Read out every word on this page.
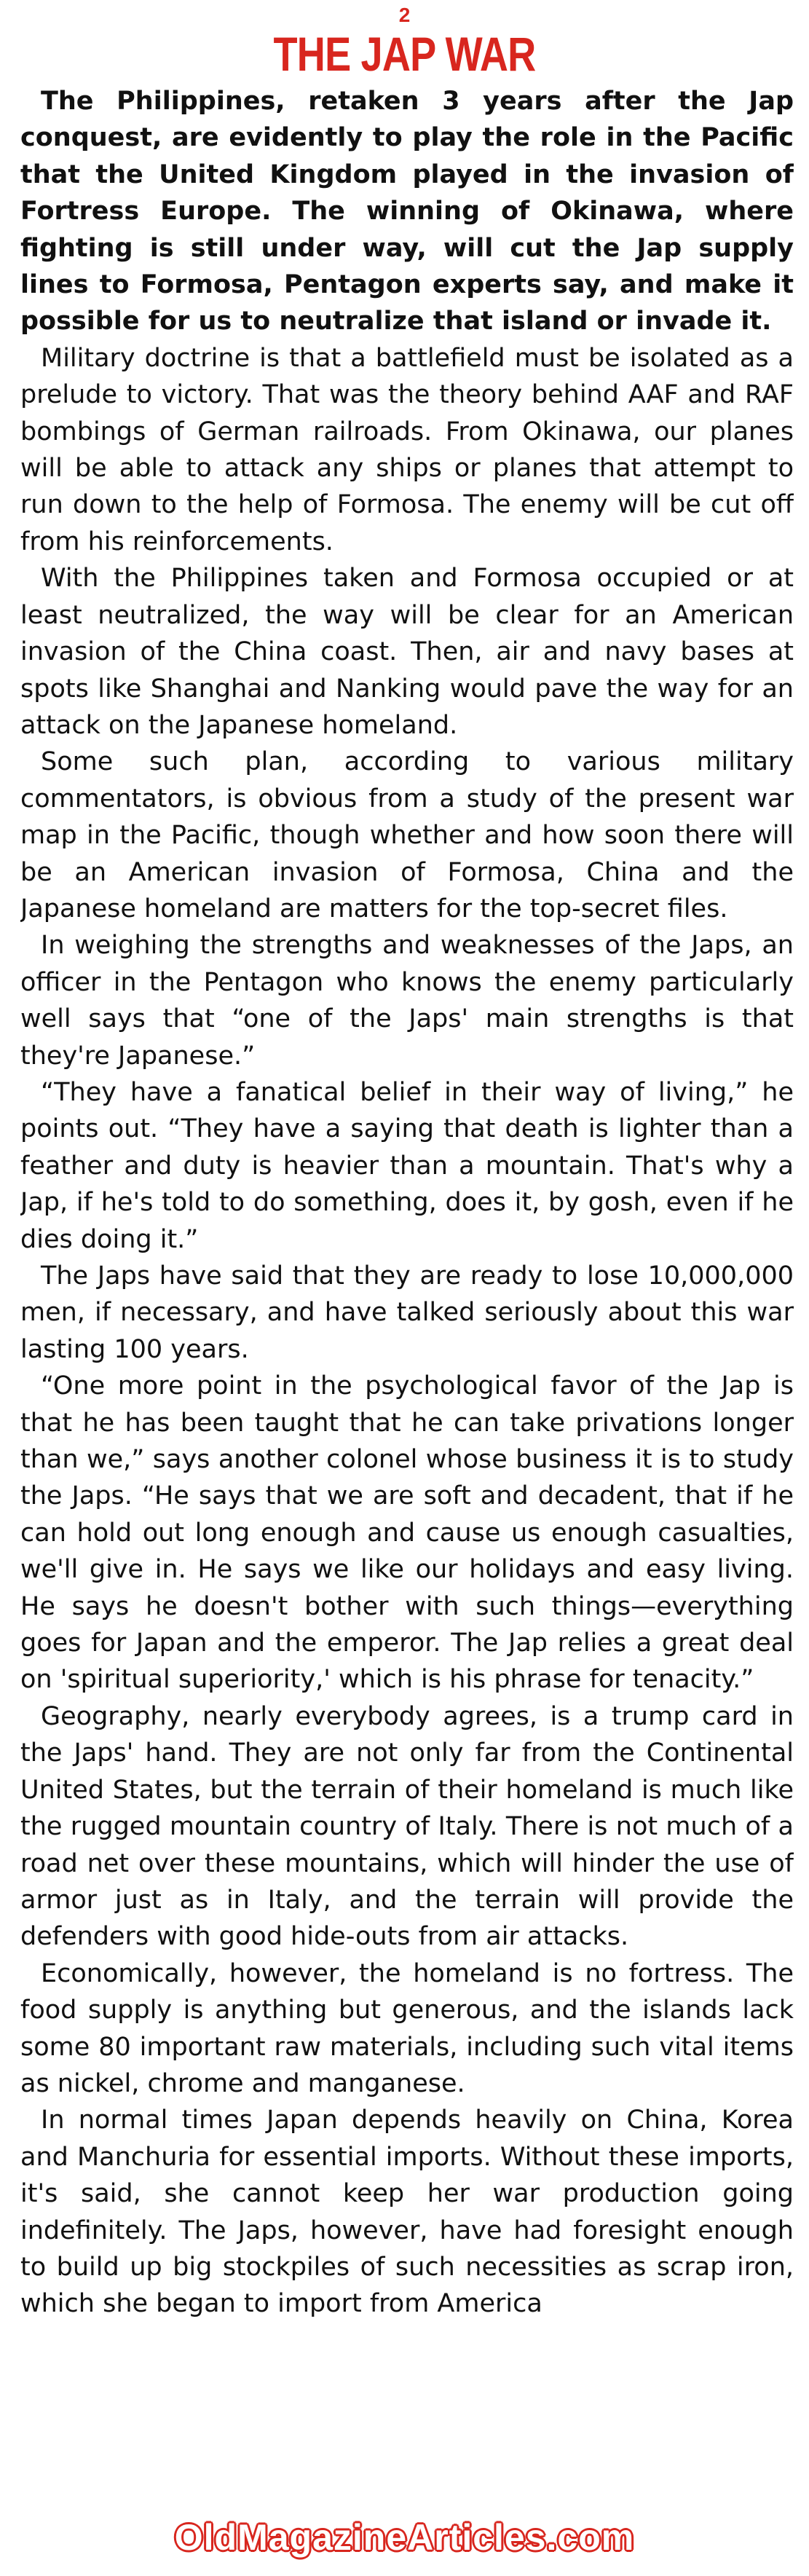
2
THE JAP WAR

The Philippines, retaken 3 years after the Jap conquest, are evidently to play the role in the Pacific that the United Kingdom played in the invasion of Fortress Europe. The winning of Okinawa, where fighting is still under way, will cut the Jap supply lines to Formosa, Pentagon experts say, and make it possible for us to neutralize that island or invade it.

Military doctrine is that a battlefield must be isolated as a prelude to victory. That was the theory behind AAF and RAF bombings of German railroads. From Okinawa, our planes will be able to attack any ships or planes that attempt to run down to the help of Formosa. The enemy will be cut off from his reinforcements.

With the Philippines taken and Formosa occupied or at least neutralized, the way will be clear for an American invasion of the China coast. Then, air and navy bases at spots like Shanghai and Nanking would pave the way for an attack on the Japanese homeland.

Some such plan, according to various military commentators, is obvious from a study of the present war map in the Pacific, though whether and how soon there will be an American invasion of Formosa, China and the Japanese homeland are matters for the top-secret files.

In weighing the strengths and weaknesses of the Japs, an officer in the Pentagon who knows the enemy particularly well says that “one of the Japs' main strengths is that they're Japanese.”

“They have a fanatical belief in their way of living,” he points out. “They have a saying that death is lighter than a feather and duty is heavier than a mountain. That's why a Jap, if he's told to do something, does it, by gosh, even if he dies doing it.”

The Japs have said that they are ready to lose 10,000,000 men, if necessary, and have talked seriously about this war lasting 100 years.

“One more point in the psychological favor of the Jap is that he has been taught that he can take privations longer than we,” says another colonel whose business it is to study the Japs. “He says that we are soft and decadent, that if he can hold out long enough and cause us enough casualties, we'll give in. He says we like our holidays and easy living. He says he doesn't bother with such things—everything goes for Japan and the emperor. The Jap relies a great deal on 'spiritual superiority,' which is his phrase for tenacity.”

Geography, nearly everybody agrees, is a trump card in the Japs' hand. They are not only far from the Continental United States, but the terrain of their homeland is much like the rugged mountain country of Italy. There is not much of a road net over these mountains, which will hinder the use of armor just as in Italy, and the terrain will provide the defenders with good hide-outs from air attacks.

Economically, however, the homeland is no fortress. The food supply is anything but generous, and the islands lack some 80 important raw materials, including such vital items as nickel, chrome and manganese.

In normal times Japan depends heavily on China, Korea and Manchuria for essential imports. Without these imports, it's said, she cannot keep her war production going indefinitely. The Japs, however, have had foresight enough to build up big stockpiles of such necessities as scrap iron, which she began to import from America

OldMagazineArticles.com
